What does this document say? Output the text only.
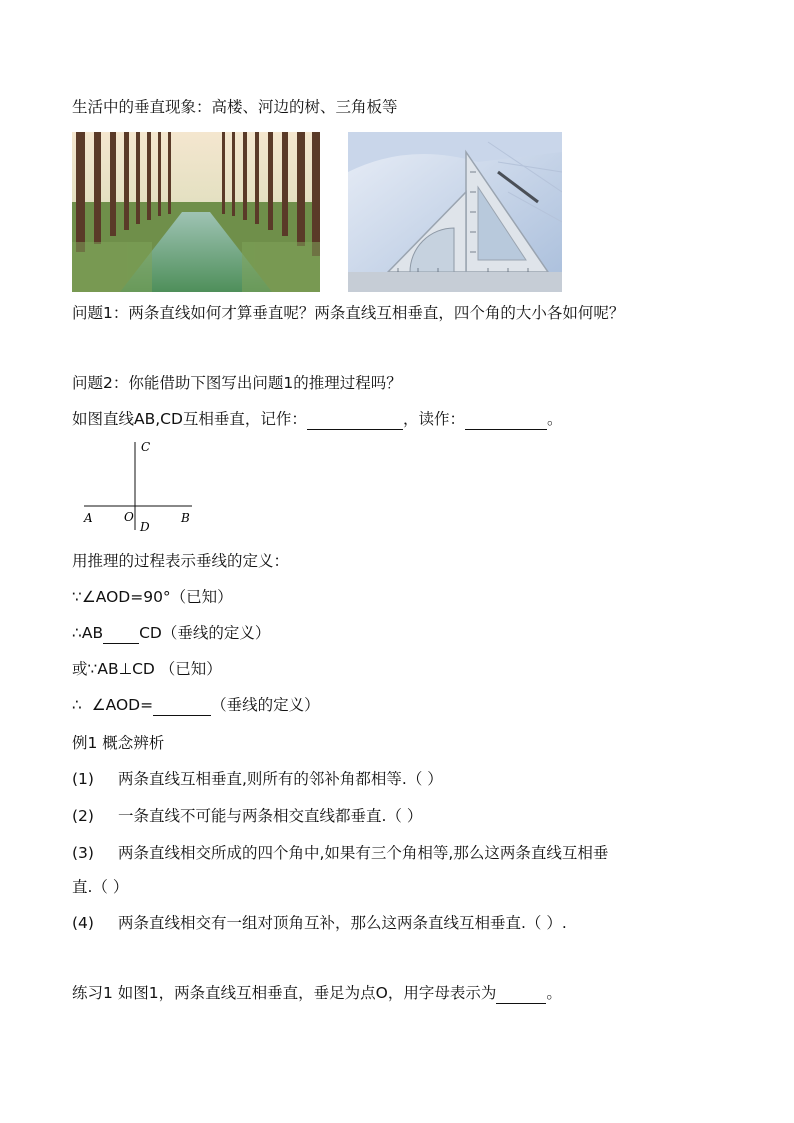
生活中的垂直现象：高楼、河边的树、三角板等
问题1：两条直线如何才算垂直呢？两条直线互相垂直，四个角的大小各如何呢？
问题2：你能借助下图写出问题1的推理过程吗？
如图直线AB,CD互相垂直，记作：	，读作：	。
C
A	O
D
B
用推理的过程表示垂线的定义：
∵∠AOD=90°（已知）
∴AB CD（垂线的定义）
或∵AB⊥CD （已知）
∴  ∠AOD=	（垂线的定义）
例1 概念辨析
(1) 两条直线互相垂直,则所有的邻补角都相等.（ ）
(2) 一条直线不可能与两条相交直线都垂直.（ ）
(3) 两条直线相交所成的四个角中,如果有三个角相等,那么这两条直线互相垂
直.（ ）
(4) 两条直线相交有一组对顶角互补，那么这两条直线互相垂直.（ ）.
练习1 如图1，两条直线互相垂直，垂足为点O，用字母表示为	。
